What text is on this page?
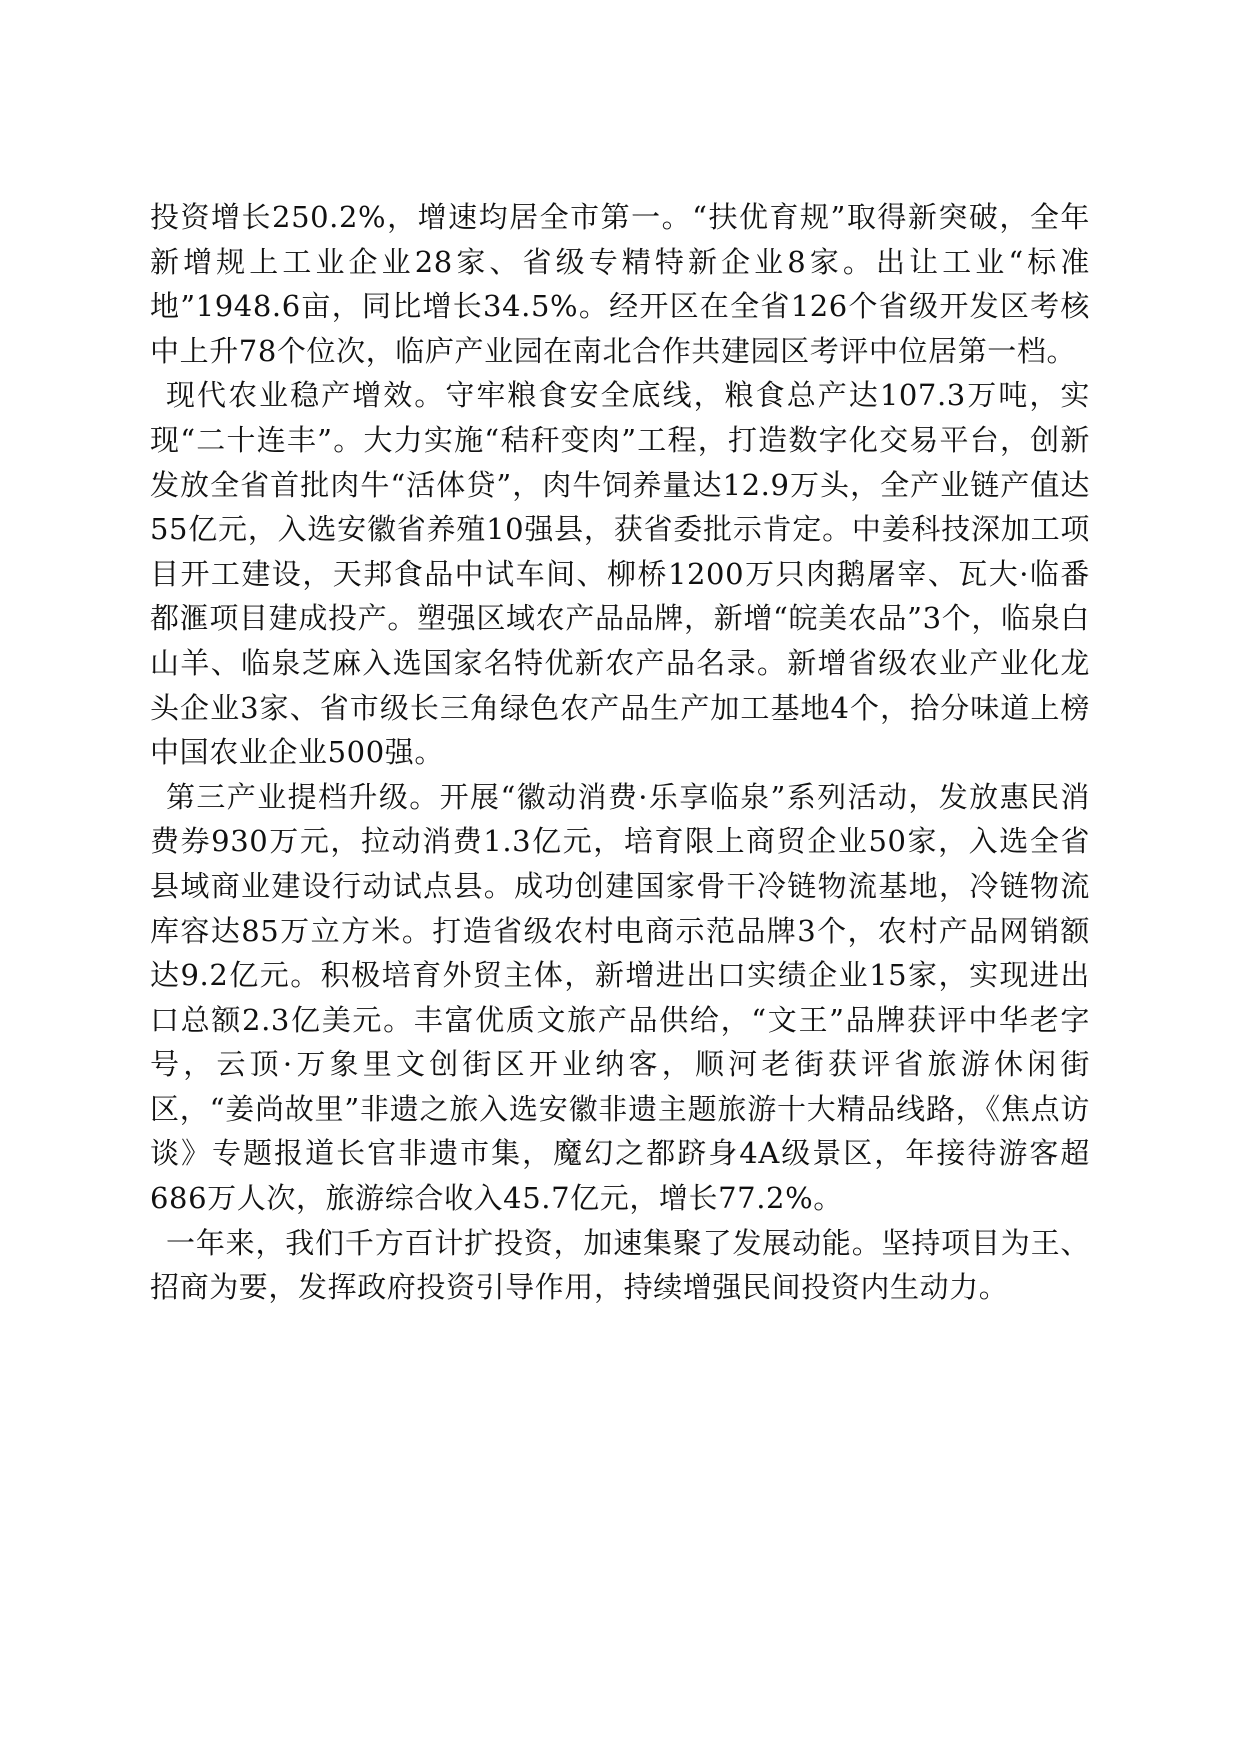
投资增长250.2%，增速均居全市第一。“扶优育规”取得新突破，全年新增规上工业企业28家、省级专精特新企业8家。出让工业“标准地”1948.6亩，同比增长34.5%。经开区在全省126个省级开发区考核中上升78个位次，临庐产业园在南北合作共建园区考评中位居第一档。

现代农业稳产增效。守牢粮食安全底线，粮食总产达107.3万吨，实现“二十连丰”。大力实施“秸秆变肉”工程，打造数字化交易平台，创新发放全省首批肉牛“活体贷”，肉牛饲养量达12.9万头，全产业链产值达55亿元，入选安徽省养殖10强县，获省委批示肯定。中姜科技深加工项目开工建设，天邦食品中试车间、柳桥1200万只肉鹅屠宰、瓦大·临番都滙项目建成投产。塑强区域农产品品牌，新增“皖美农品”3个，临泉白山羊、临泉芝麻入选国家名特优新农产品名录。新增省级农业产业化龙头企业3家、省市级长三角绿色农产品生产加工基地4个，拾分味道上榜中国农业企业500强。

第三产业提档升级。开展“徽动消费·乐享临泉”系列活动，发放惠民消费券930万元，拉动消费1.3亿元，培育限上商贸企业50家，入选全省县域商业建设行动试点县。成功创建国家骨干冷链物流基地，冷链物流库容达85万立方米。打造省级农村电商示范品牌3个，农村产品网销额达9.2亿元。积极培育外贸主体，新增进出口实绩企业15家，实现进出口总额2.3亿美元。丰富优质文旅产品供给，“文王”品牌获评中华老字号，云顶·万象里文创街区开业纳客，顺河老街获评省旅游休闲街区，“姜尚故里”非遗之旅入选安徽非遗主题旅游十大精品线路，《焦点访谈》专题报道长官非遗市集，魔幻之都跻身4A级景区，年接待游客超686万人次，旅游综合收入45.7亿元，增长77.2%。

一年来，我们千方百计扩投资，加速集聚了发展动能。坚持项目为王、招商为要，发挥政府投资引导作用，持续增强民间投资内生动力。
